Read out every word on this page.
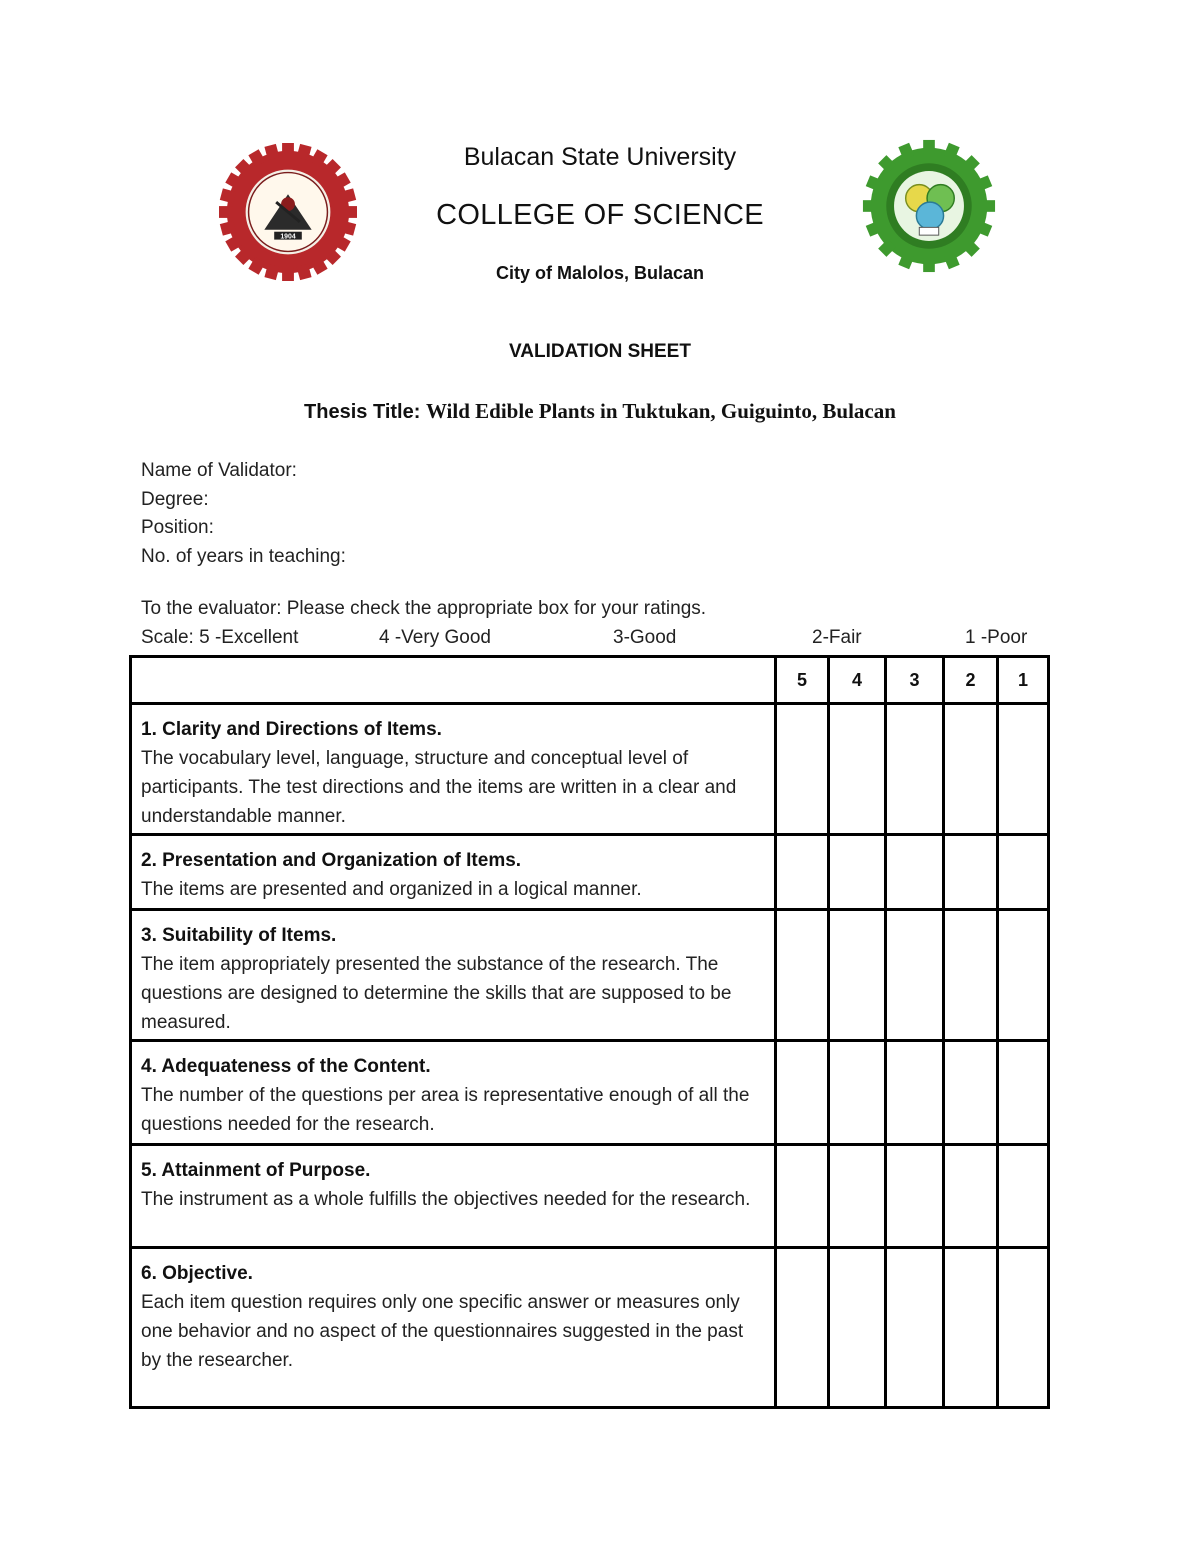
1904
Bulacan State University
COLLEGE OF SCIENCE
City of Malolos, Bulacan
VALIDATION SHEET
Thesis Title: Wild Edible Plants in Tuktukan, Guiguinto, Bulacan
Name of Validator:
Degree:
Position:
No. of years in teaching:
To the evaluator: Please check the appropriate box for your ratings.
Scale: 5 -Excellent	4 -Very Good	3-Good	2-Fair	1 -Poor
	5	4	3	2	1

1. Clarity and Directions of Items.
The vocabulary level, language, structure and conceptual level of participants. The test directions and the items are written in a clear and understandable manner.					

2. Presentation and Organization of Items.
The items are presented and organized in a logical manner.					

3. Suitability of Items.
The item appropriately presented the substance of the research. The questions are designed to determine the skills that are supposed to be measured.					

4. Adequateness of the Content.
The number of the questions per area is representative enough of all the questions needed for the research.					

5. Attainment of Purpose.
The instrument as a whole fulfills the objectives needed for the research.					

6. Objective.
Each item question requires only one specific answer or measures only one behavior and no aspect of the questionnaires suggested in the past by the researcher.					
